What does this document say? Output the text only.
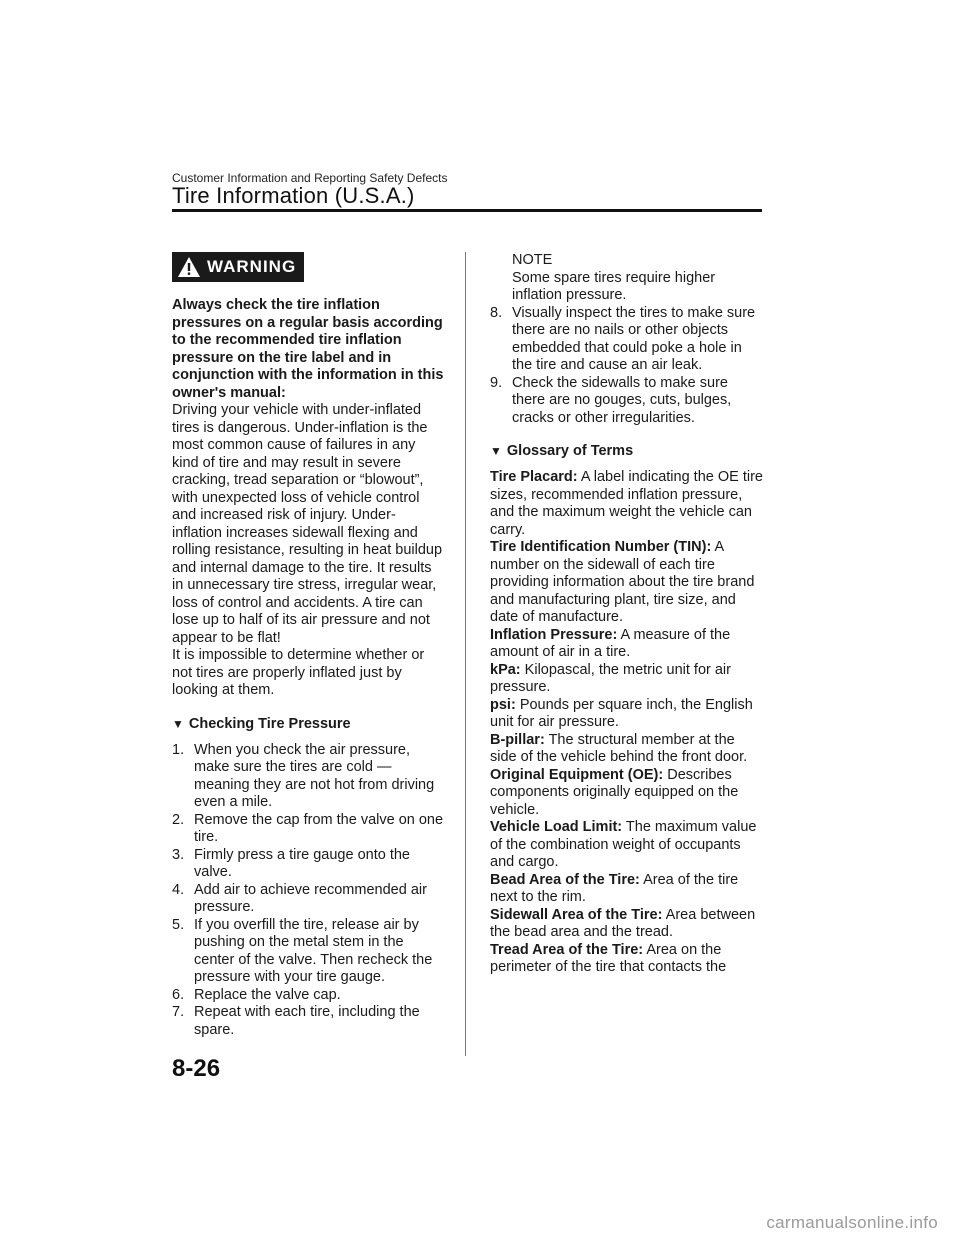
Customer Information and Reporting Safety Defects
Tire Information (U.S.A.)
WARNING
Always check the tire inflation pressures on a regular basis according to the recommended tire inflation pressure on the tire label and in conjunction with the information in this owner's manual:
Driving your vehicle with under-inflated tires is dangerous. Under-inflation is the most common cause of failures in any kind of tire and may result in severe cracking, tread separation or “blowout”, with unexpected loss of vehicle control and increased risk of injury. Under-inflation increases sidewall flexing and rolling resistance, resulting in heat buildup and internal damage to the tire. It results in unnecessary tire stress, irregular wear, loss of control and accidents. A tire can lose up to half of its air pressure and not appear to be flat!
It is impossible to determine whether or not tires are properly inflated just by looking at them.
▼ Checking Tire Pressure
1. When you check the air pressure, make sure the tires are cold —meaning they are not hot from driving even a mile.
2. Remove the cap from the valve on one tire.
3. Firmly press a tire gauge onto the valve.
4. Add air to achieve recommended air pressure.
5. If you overfill the tire, release air by pushing on the metal stem in the center of the valve. Then recheck the pressure with your tire gauge.
6. Replace the valve cap.
7. Repeat with each tire, including the spare.
NOTE
Some spare tires require higher inflation pressure.
8. Visually inspect the tires to make sure there are no nails or other objects embedded that could poke a hole in the tire and cause an air leak.
9. Check the sidewalls to make sure there are no gouges, cuts, bulges, cracks or other irregularities.
▼ Glossary of Terms

Tire Placard: A label indicating the OE tire sizes, recommended inflation pressure, and the maximum weight the vehicle can carry.

Tire Identification Number (TIN): A number on the sidewall of each tire providing information about the tire brand and manufacturing plant, tire size, and date of manufacture.

Inflation Pressure: A measure of the amount of air in a tire.

kPa: Kilopascal, the metric unit for air pressure.

psi: Pounds per square inch, the English unit for air pressure.

B-pillar: The structural member at the side of the vehicle behind the front door.

Original Equipment (OE): Describes components originally equipped on the vehicle.

Vehicle Load Limit: The maximum value of the combination weight of occupants and cargo.

Bead Area of the Tire: Area of the tire next to the rim.

Sidewall Area of the Tire: Area between the bead area and the tread.

Tread Area of the Tire: Area on the perimeter of the tire that contacts the

8-26
carmanualsonline.info
